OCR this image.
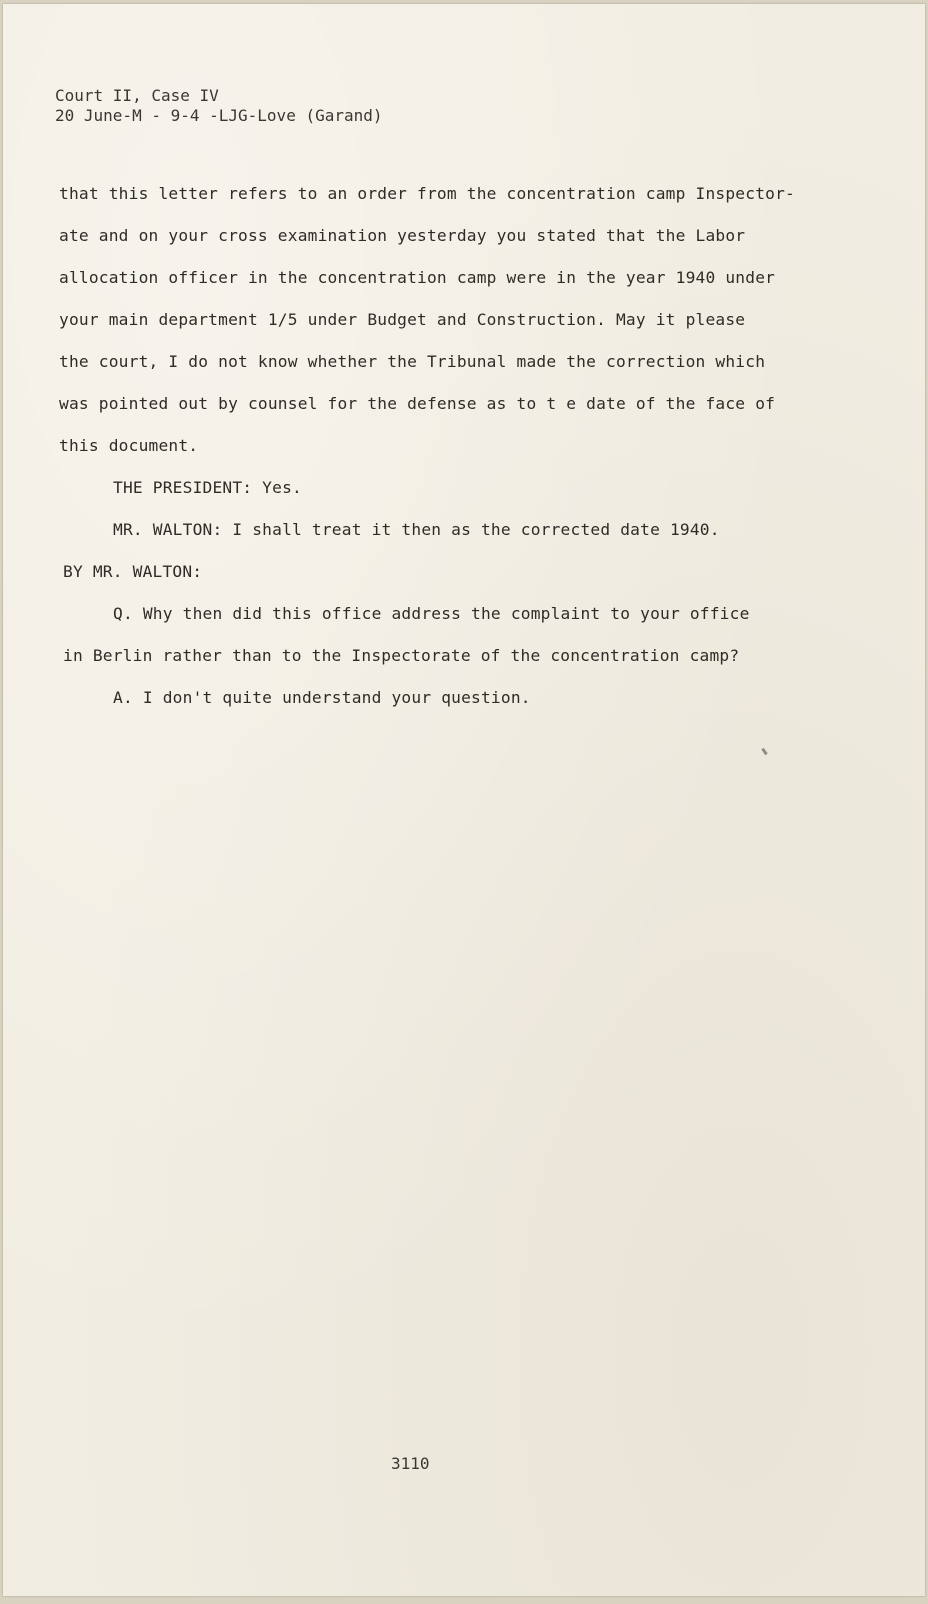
Court II, Case IV
20 June-M - 9-4 -LJG-Love (Garand)
that this letter refers to an order from the concentration camp Inspector-
ate and on your cross examination yesterday you stated that the Labor
allocation officer in the concentration camp were in the year 1940 under
your main department 1/5 under Budget and Construction. May it please
the court, I do not know whether the Tribunal made the correction which
was pointed out by counsel for the defense as to t e date of the face of
this document.
THE PRESIDENT: Yes.
MR. WALTON: I shall treat it then as the corrected date 1940.
BY MR. WALTON:
Q. Why then did this office address the complaint to your office
in Berlin rather than to the Inspectorate of the concentration camp?
A. I don't quite understand your question.
3110
